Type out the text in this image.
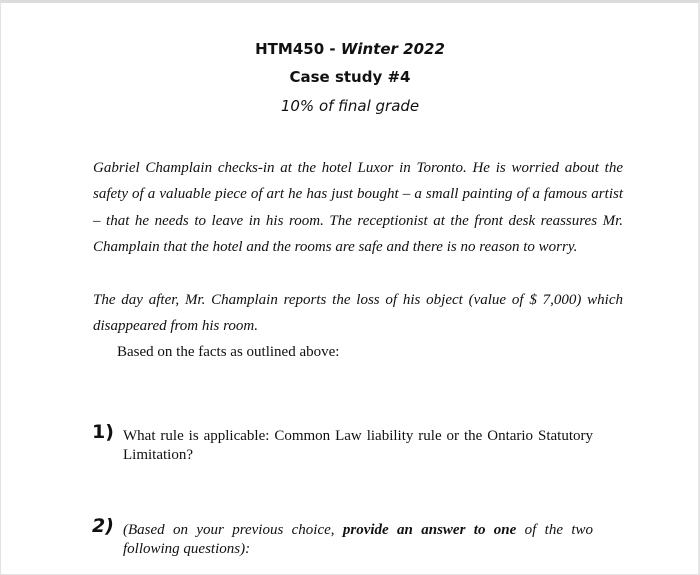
HTM450 - Winter 2022
Case study #4
10% of final grade
Gabriel Champlain checks-in at the hotel Luxor in Toronto. He is worried about the safety of a valuable piece of art he has just bought – a small painting of a famous artist – that he needs to leave in his room. The receptionist at the front desk reassures Mr. Champlain that the hotel and the rooms are safe and there is no reason to worry.
The day after, Mr. Champlain reports the loss of his object (value of $ 7,000) which disappeared from his room.
Based on the facts as outlined above:
1) What rule is applicable: Common Law liability rule or the Ontario Statutory Limitation?
2) (Based on your previous choice, provide an answer to one of the two following questions):
